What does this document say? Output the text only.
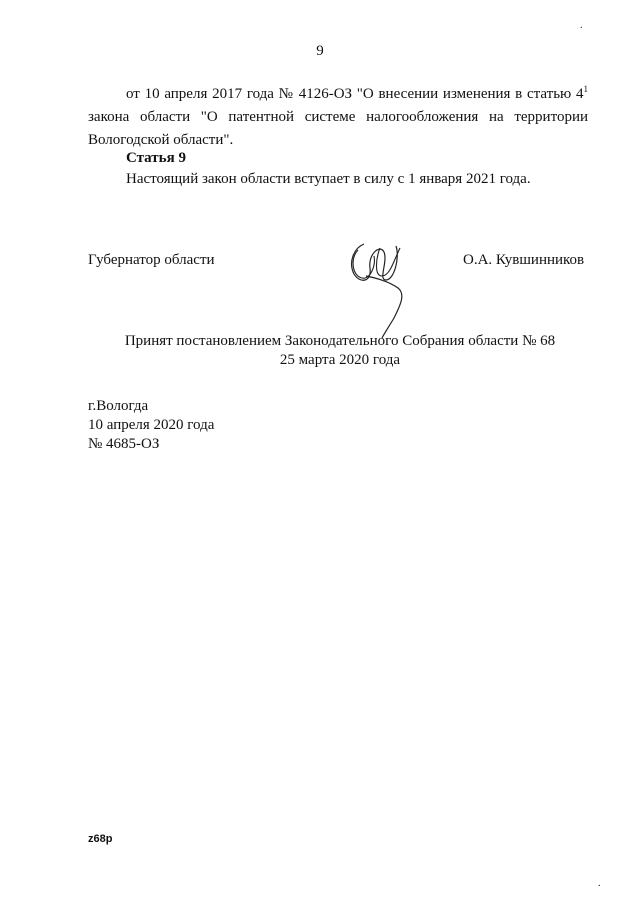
9
.
от 10 апреля 2017 года № 4126-ОЗ "О внесении изменения в статью $4^1$
закона области "О патентной системе налогообложения на территории
Вологодской области".
Статья 9
Настоящий закон области вступает в силу с 1 января 2021 года.
Губернатор области	О.А. Кувшинников
Принят постановлением Законодательного Собрания области № 68
25 марта 2020 года
г.Вологда
10 апреля 2020 года
№ 4685-ОЗ
z68p
.
